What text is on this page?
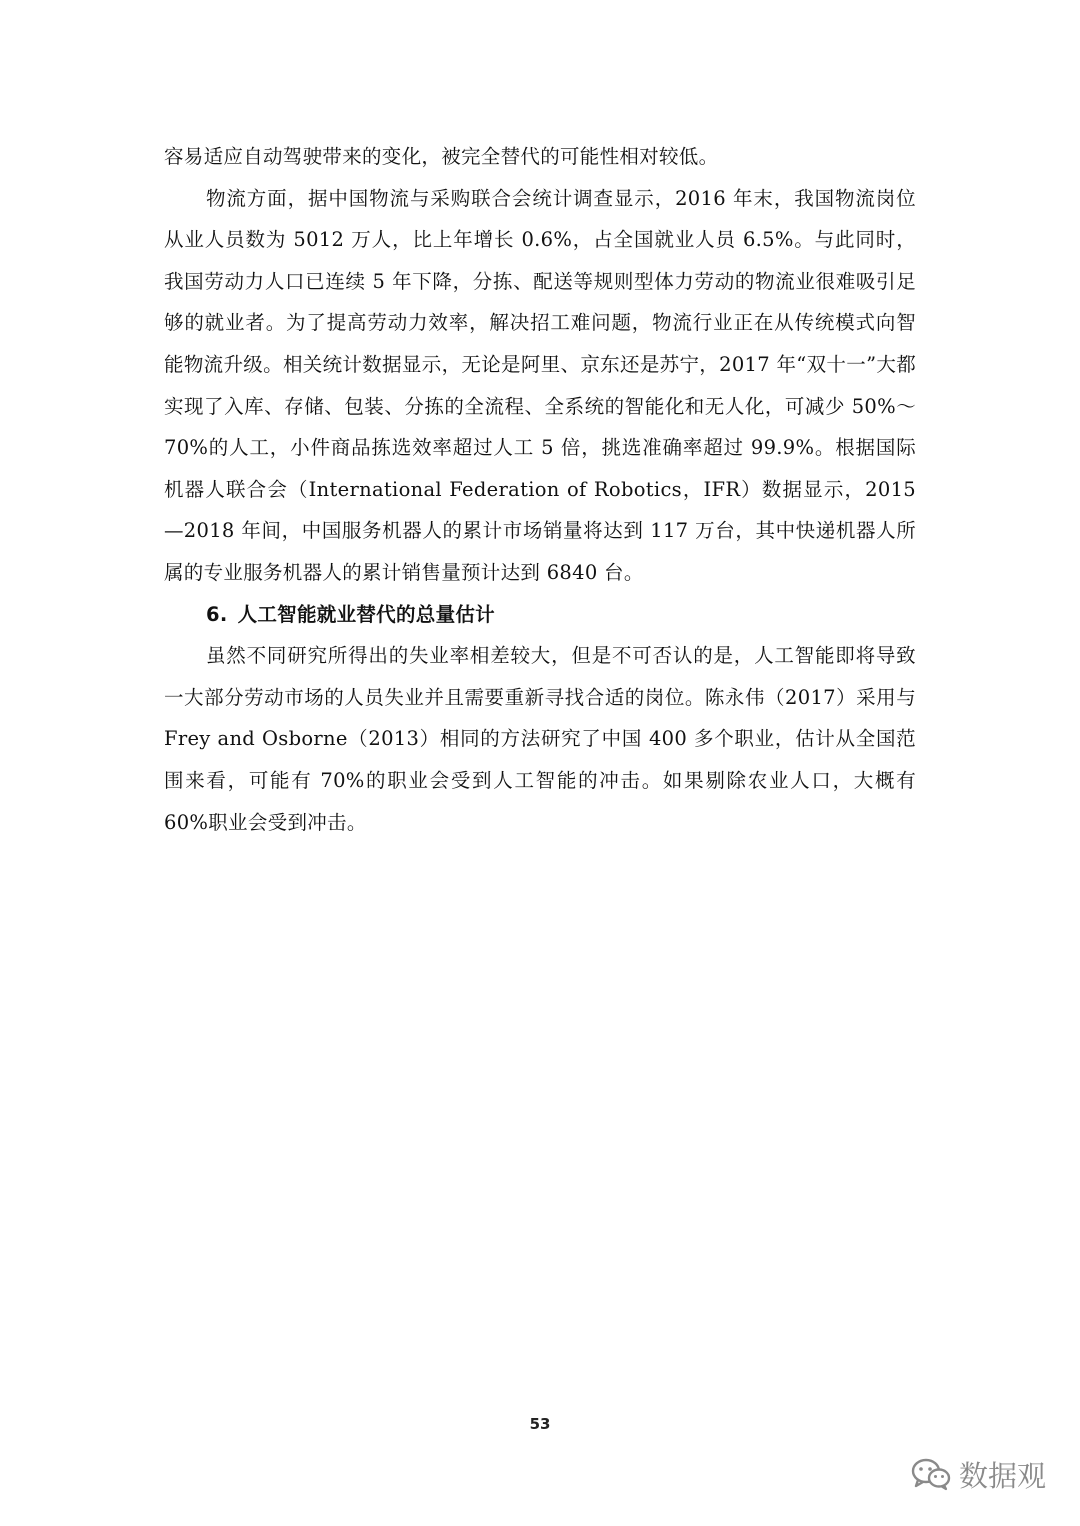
容易适应自动驾驶带来的变化，被完全替代的可能性相对较低。

物流方面，据中国物流与采购联合会统计调查显示，2016 年末，我国物流岗位从业人员数为 5012 万人，比上年增长 0.6%，占全国就业人员 6.5%。与此同时，我国劳动力人口已连续 5 年下降，分拣、配送等规则型体力劳动的物流业很难吸引足够的就业者。为了提高劳动力效率，解决招工难问题，物流行业正在从传统模式向智能物流升级。相关统计数据显示，无论是阿里、京东还是苏宁，2017 年“双十一”大都实现了入库、存储、包装、分拣的全流程、全系统的智能化和无人化，可减少 50%～70%的人工，小件商品拣选效率超过人工 5 倍，挑选准确率超过 99.9%。根据国际机器人联合会（International Federation of Robotics，IFR）数据显示，2015—2018 年间，中国服务机器人的累计市场销量将达到 117 万台，其中快递机器人所属的专业服务机器人的累计销售量预计达到 6840 台。

6. 人工智能就业替代的总量估计

虽然不同研究所得出的失业率相差较大，但是不可否认的是，人工智能即将导致一大部分劳动市场的人员失业并且需要重新寻找合适的岗位。陈永伟（2017）采用与 Frey and Osborne（2013）相同的方法研究了中国 400 多个职业，估计从全国范围来看，可能有 70%的职业会受到人工智能的冲击。如果剔除农业人口，大概有 60%职业会受到冲击。

53
数据观
